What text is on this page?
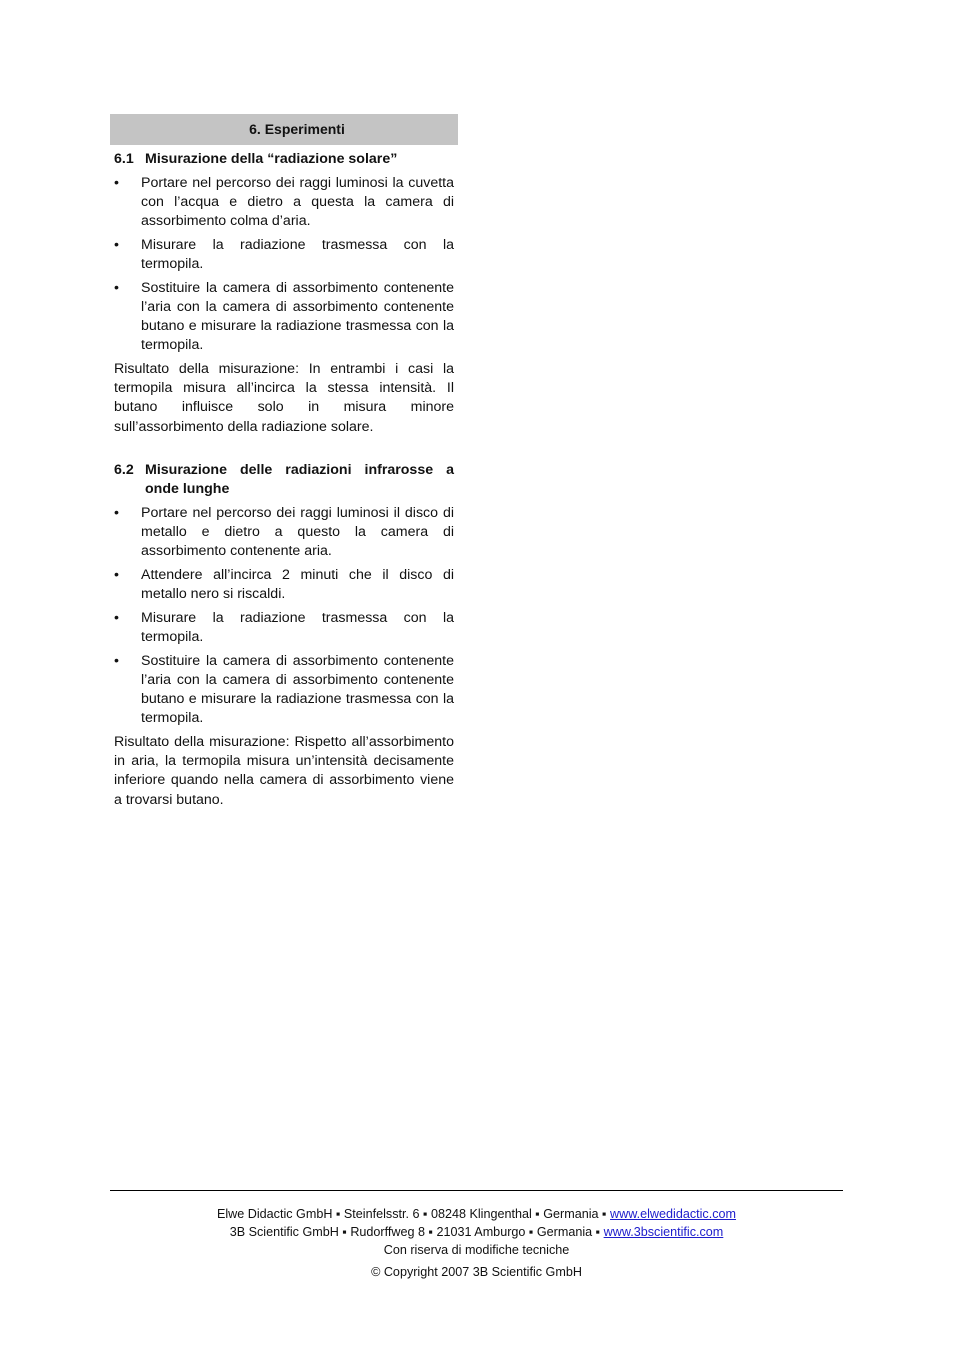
6. Esperimenti
6.1 Misurazione della “radiazione solare”
• Portare nel percorso dei raggi luminosi la cuvetta con l’acqua e dietro a questa la camera di assorbimento colma d’aria.
• Misurare la radiazione trasmessa con la termopila.
• Sostituire la camera di assorbimento contenente l’aria con la camera di assorbimento contenente butano e misurare la radiazione trasmessa con la termopila.

Risultato della misurazione: In entrambi i casi la termopila misura all’incirca la stessa intensità. Il butano influisce solo in misura minore sull’assorbimento della radiazione solare.

6.2 Misurazione delle radiazioni infrarosse a onde lunghe
• Portare nel percorso dei raggi luminosi il disco di metallo e dietro a questo la camera di assorbimento contenente aria.
• Attendere all’incirca 2 minuti che il disco di metallo nero si riscaldi.
• Misurare la radiazione trasmessa con la termopila.
• Sostituire la camera di assorbimento contenente l’aria con la camera di assorbimento contenente butano e misurare la radiazione trasmessa con la termopila.

Risultato della misurazione: Rispetto all’assorbimento in aria, la termopila misura un’intensità decisamente inferiore quando nella camera di assorbimento viene a trovarsi butano.

Elwe Didactic GmbH ▪ Steinfelsstr. 6 ▪ 08248 Klingenthal ▪ Germania ▪ www.elwedidactic.com
3B Scientific GmbH ▪ Rudorffweg 8 ▪ 21031 Amburgo ▪ Germania ▪ www.3bscientific.com
Con riserva di modifiche tecniche
© Copyright 2007 3B Scientific GmbH
